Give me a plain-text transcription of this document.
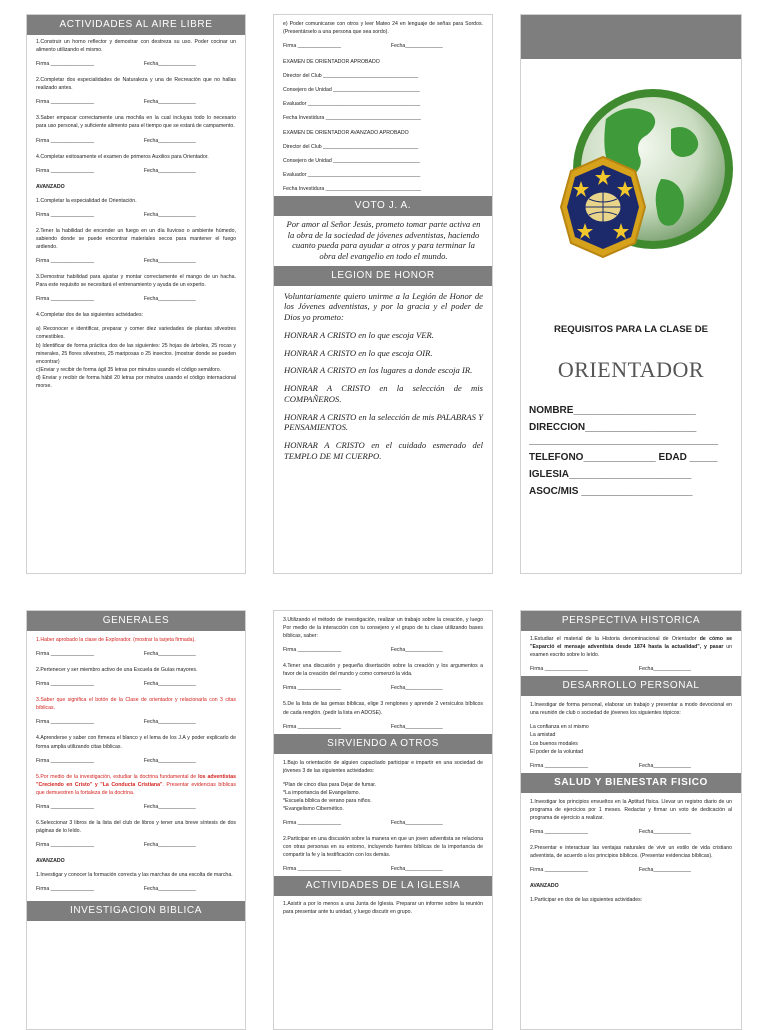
ACTIVIDADES AL AIRE LIBRE

1.Construir un horno reflector y demostrar con destreza su uso. Poder cocinar un alimento utilizando el mismo.

Firma _______________	Fecha_____________

2.Completar dos especialidades de Naturaleza y una de Recreación que no hallas realizado antes.

Firma _______________	Fecha_____________

3.Saber empacar correctamente una mochila en la cual incluyas todo lo necesario para uso personal, y suficiente alimento para el tiempo que se estará de campamento.

Firma _______________	Fecha_____________

4.Completar exitosamente el examen de primeros Auxilios para Orientador.

Firma _______________	Fecha_____________

AVANZADO

1.Completar la especialidad de Orientación.

Firma _______________	Fecha_____________

2.Tener la habilidad de encender un fuego en un día lluvioso o ambiente húmedo, sabiendo donde se puede encontrar materiales secos para mantener el fuego ardiendo.

Firma _______________	Fecha_____________

3.Demostrar habilidad para ajustar y montar correctamente el mango de un hacha. Para este requisito se necesitará el entrenamiento y ayuda de un experto.

Firma _______________	Fecha_____________

4.Completar dos de las siguientes actividades:

a) Reconocer e identificar, preparar y comer diez variedades de plantas silvestres comestibles.

b) Identificar de forma práctica dos de las siguientes: 25 hojas de árboles, 25 rocas y minerales, 25 flores silvestres, 25 mariposas o 25 insectos. (mostrar donde se pueden encontrar)

c)Enviar y recibir de forma ágil 35 letras por minutos usando el código semáforo.

d) Enviar y recibir de forma hábil 20 letras por minutos usando el código internacional morse.

e) Poder comunicarse con otros y leer Mateo 24 en lenguaje de señas para Sordos. (Presentárselo a una persona que sea sordo).

Firma _______________	Fecha_____________
EXAMEN DE ORIENTADOR APROBADO
Director del Club _________________________________
Consejero de Unidad ______________________________
Evaluador _______________________________________
Fecha Investidura _________________________________
EXAMEN DE ORIENTADOR AVANZADO APROBADO
Director del Club _________________________________
Consejero de Unidad ______________________________
Evaluador _______________________________________
Fecha Investidura _________________________________
VOTO J. A.

Por amor al Señor Jesús, prometo tomar parte activa en la obra de la sociedad de jóvenes adventistas, haciendo cuanto pueda para ayudar a otros y para terminar la obra del evangelio en todo el mundo.

LEGION DE HONOR

Voluntariamente quiero unirme a la Legión de Honor de los Jóvenes adventistas, y por la gracia y el poder de Dios yo prometo:

HONRAR A CRISTO en lo que escoja VER.

HONRAR A CRISTO en lo que escoja OIR.

HONRAR A CRISTO en los lugares a donde escoja IR.

HONRAR A CRISTO en la selección de mis COMPAÑEROS.

HONRAR A CRISTO en la selección de mis PALABRAS Y PENSAMIENTOS.

HONRAR A CRISTO en el cuidado esmerado del TEMPLO DE MI CUERPO.

REQUISITOS PARA LA CLASE DE
ORIENTADOR
NOMBRE______________________
DIRECCION____________________
__________________________________
TELEFONO_____________ EDAD _____
IGLESIA______________________
ASOC/MIS ____________________
GENERALES

1.Haber aprobado la clase de Explorador. (mostrar la tarjeta firmada).

Firma _______________	Fecha_____________

2.Pertenecer y ser miembro activo de una Escuela de Guías mayores.

Firma _______________	Fecha_____________

3.Saber que significa el botón de la Clase de orientador y relacionarla con 3 citas bíblicas.

Firma _______________	Fecha_____________

4.Aprenderse y saber con firmeza el blanco y el lema de los J.A y poder explicarlo de forma amplia utilizando citas bíblicas.

Firma _______________	Fecha_____________

5.Por medio de la investigación, estudiar la doctrina fundamental de los adventistas "Creciendo en Cristo" y "La Conducta Cristiana". Presentar evidencias bíblicas que demuestren la fortaleza de la doctrina.

Firma _______________	Fecha_____________

6.Seleccionar 3 libros de la lista del club de libros y tener una breve síntesis de dos páginas de lo leído.

Firma _______________	Fecha_____________

AVANZADO

1.Investigar y conocer la formación correcta y las marchas de una escolta de marcha.

Firma _______________	Fecha_____________
INVESTIGACION BIBLICA

3.Utilizando el método de investigación, realizar un trabajo sobre la creación, y luego Por medio de la interacción con tu consejero y el grupo de tu clase utilizando bases bíblicas, saber:

Firma _______________	Fecha_____________

4.Tener una discusión y pequeña disertación sobre la creación y los argumentos a favor de la creación del mundo y como comenzó la vida.

Firma _______________	Fecha_____________

5.De la lista de las gemas bíblicas, elige 3 renglones y aprende 2 versículos bíblicos de cada renglón. (pedir la lista en ADOSE).

Firma _______________	Fecha_____________
SIRVIENDO A OTROS

1.Bajo la orientación de alguien capacitado participar e impartir en una sociedad de jóvenes 3 de las siguientes actividades:

*Plan de cinco días para Dejar de fumar.

*La importancia del Evangelismo.

*Escuela bíblica de verano para niños.

*Evangelismo Cibernético.

Firma _______________	Fecha_____________

2.Participar en una discusión sobre la manera en que un joven adventista se relaciona con otras personas en su entorno, incluyendo fuentes bíblicas de la importancia de compartir la fe y la testificación con los demás.

Firma _______________	Fecha_____________
ACTIVIDADES DE LA IGLESIA

1.Asistir a por lo menos a una Junta de Iglesia. Preparar un informe sobre la reunión para presentar ante tu unidad, y luego discutir en grupo.

PERSPECTIVA HISTORICA

1.Estudiar el material de la Historia denominacional de Orientador de cómo se "Esparció el mensaje adventista desde 1874 hasta la actualidad", y pasar un examen escrito sobre lo leído.

Firma _______________	Fecha_____________
DESARROLLO PERSONAL

1.Investigar de forma personal, elaborar un trabajo y presentar a modo devocional en una reunión de club o sociedad de jóvenes los siguientes tópicos:

La confianza en sí mismo

La amistad

Los buenos modales

El poder de la voluntad

Firma _______________	Fecha_____________
SALUD Y BIENESTAR FISICO

1.Investigar los principios envueltos en la Aptitud física. Llevar un registro diario de un programa de ejercicios por 1 meses. Redactar y firmar un voto de dedicación al programa de ejercicio a realizar.

Firma _______________	Fecha_____________

2.Presentar e interactuar las ventajas naturales de vivir un estilo de vida cristiano adventista, de acuerdo a los principios bíblicos. (Presentar evidencias bíblicas).

Firma _______________	Fecha_____________

AVANZADO

1.Participar en dos de las siguientes actividades:
